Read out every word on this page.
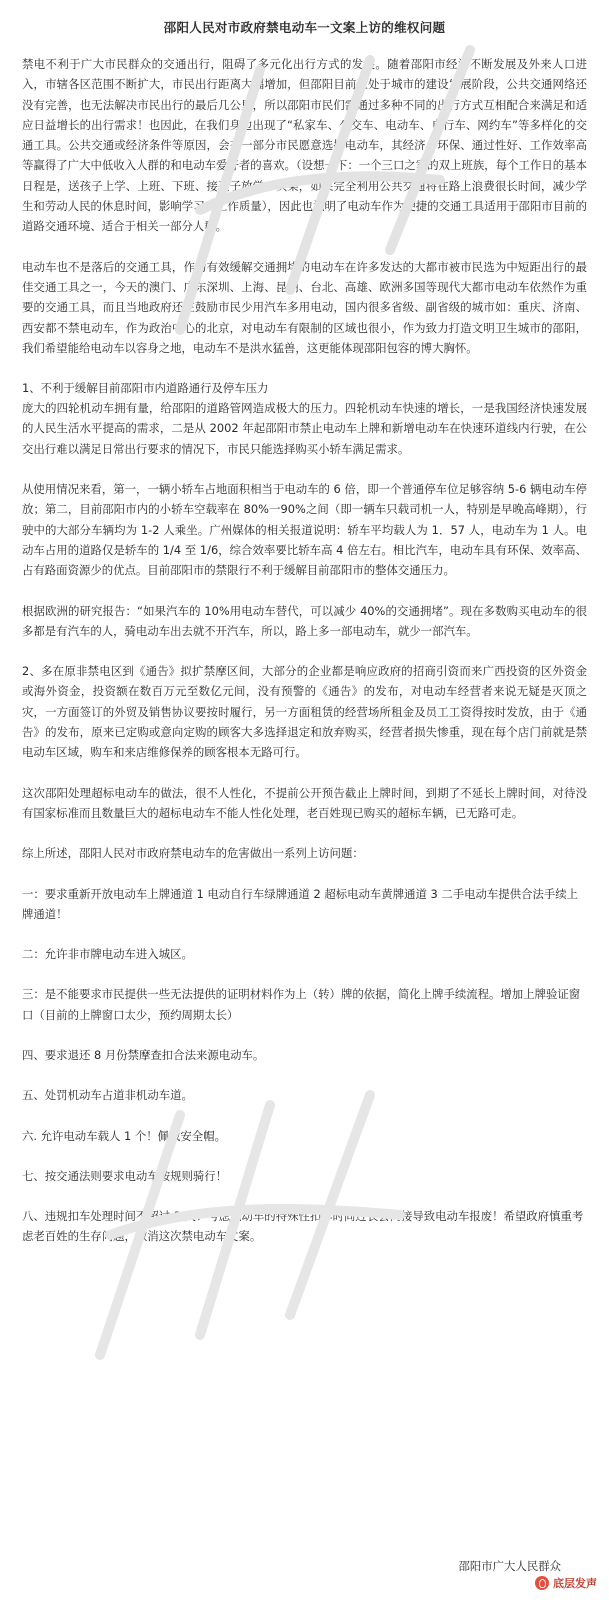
邵阳人民对市政府禁电动车一文案上访的维权问题

禁电不利于广大市民群众的交通出行，阻碍了多元化出行方式的发展。随着邵阳市经济不断发展及外来人口进入，市辖各区范围不断扩大，市民出行距离大幅增加，但邵阳目前正处于城市的建设发展阶段，公共交通网络还没有完善，也无法解决市民出行的最后几公里，所以邵阳市民们需通过多种不同的出行方式互相配合来满足和适应日益增长的出行需求！也因此，在我们身边出现了“私家车、公交车、电动车、自行车、网约车”等多样化的交通工具。公共交通或经济条件等原因，会有一部分市民愿意选择电动车，其经济、环保、通过性好、工作效率高等赢得了广大中低收入人群的和电动车爱好者的喜欢。（设想一下：一个三口之家的双上班族，每个工作日的基本日程是，送孩子上学、上班、下班、接孩子放学、买菜，如果完全利用公共交通将在路上浪费很长时间，减少学生和劳动人民的休息时间，影响学习、工作质量），因此也说明了电动车作为便捷的交通工具适用于邵阳市目前的道路交通环境、适合于相关一部分人群。

电动车也不是落后的交通工具，作为有效缓解交通拥堵的电动车在许多发达的大都市被市民选为中短距出行的最佳交通工具之一，今天的澳门、广东深圳、上海、昆明、台北、高雄、欧洲多国等现代大都市电动车依然作为重要的交通工具，而且当地政府还在鼓励市民少用汽车多用电动，国内很多省级、副省级的城市如：重庆、济南、西安都不禁电动车，作为政治中心的北京，对电动车有限制的区域也很小，作为致力打造文明卫生城市的邵阳，我们希望能给电动车以容身之地，电动车不是洪水猛兽，这更能体现邵阳包容的博大胸怀。

1、不利于缓解目前邵阳市内道路通行及停车压力

庞大的四轮机动车拥有量，给邵阳的道路管网造成极大的压力。四轮机动车快速的增长，一是我国经济快速发展的人民生活水平提高的需求，二是从 2002 年起邵阳市禁止电动车上牌和新增电动车在快速环道线内行驶，在公交出行难以满足日常出行要求的情况下，市民只能选择购买小轿车满足需求。

从使用情况来看，第一，一辆小轿车占地面积相当于电动车的 6 倍，即一个普通停车位足够容纳 5-6 辆电动车停放；第二，目前邵阳市内的小轿车空载率在 80%一90%之间（即一辆车只载司机一人，特别是早晚高峰期），行驶中的大部分车辆均为 1-2 人乘坐。广州媒体的相关报道说明：轿车平均载人为 1．57 人，电动车为 1 人。电动车占用的道路仅是轿车的 1/4 至 1/6，综合效率要比轿车高 4 倍左右。相比汽车，电动车具有环保、效率高、占有路面资源少的优点。目前邵阳市的禁限行不利于缓解目前邵阳市的整体交通压力。

根据欧洲的研究报告：“如果汽车的 10%用电动车替代，可以减少 40%的交通拥堵”。现在多数购买电动车的很多都是有汽车的人，骑电动车出去就不开汽车，所以，路上多一部电动车，就少一部汽车。

2、多在原非禁电区到《通告》拟扩禁摩区间，大部分的企业都是响应政府的招商引资而来广西投资的区外资金或海外资金，投资额在数百万元至数亿元间，没有预警的《通告》的发布，对电动车经营者来说无疑是灭顶之灾，一方面签订的外贸及销售协议要按时履行，另一方面租赁的经营场所租金及员工工资得按时发放，由于《通告》的发布，原来已定购或意向定购的顾客大多选择退定和放弃购买，经营者损失惨重，现在每个店门前就是禁电动车区域，购车和来店维修保养的顾客根本无路可行。

这次邵阳处理超标电动车的做法，很不人性化，不提前公开预告截止上牌时间，到期了不延长上牌时间，对待没有国家标准而且数量巨大的超标电动车不能人性化处理，老百姓现已购买的超标车辆，已无路可走。

综上所述，邵阳人民对市政府禁电动车的危害做出一系列上访问题：

一：要求重新开放电动车上牌通道 1 电动自行车绿牌通道 2 超标电动车黄牌通道 3 二手电动车提供合法手续上牌通道！

二：允许非市牌电动车进入城区。

三：是不能要求市民提供一些无法提供的证明材料作为上（转）牌的依据，简化上牌手续流程。增加上牌验证窗口（目前的上牌窗口太少，预约周期太长）

四、要求退还 8 月份禁摩查扣合法来源电动车。

五、处罚机动车占道非机动车道。

六. 允许电动车载人 1 个！佩戴安全帽。

七、按交通法则要求电动车按规则骑行！

八、违规扣车处理时间不超过 3 天！考虑电动车的特殊性扣车时间过长会间接导致电动车报废！希望政府慎重考虑老百姓的生存问题，取消这次禁电动车文案。

邵阳市广大人民群众
底层发声
